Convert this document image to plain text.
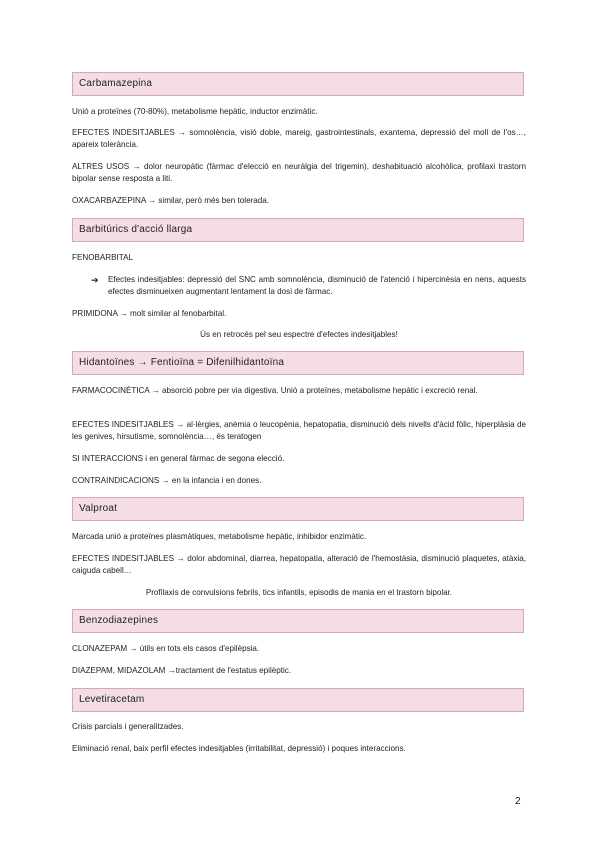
Carbamazepina
Unió a proteïnes (70-80%), metabolisme hepàtic, inductor enzimàtic.
EFECTES INDESITJABLES → somnolència, visió doble, mareig, gastrointestinals, exantema, depressió del moll de l'os…, apareix tolerància.
ALTRES USOS → dolor neuropàtic (fàrmac d'elecció en neuràlgia del trigemin), deshabituació alcohòlica, profilaxi trastorn bipolar sense resposta a liti.
OXACARBAZEPINA → similar, però més ben tolerada.
Barbitúrics d'acció llarga
FENOBARBITAL
➔ Efectes indesitjables: depressió del SNC amb somnolència, disminució de l'atenció i hipercinèsia en nens, aquests efectes disminueixen augmentant lentament la dosi de fàrmac.
PRIMIDONA → molt similar al fenobarbital.
Ús en retrocés pel seu espectre d'efectes indesitjables!
Hidantoïnes → Fentioïna = Difenilhidantoïna
FARMACOCINÈTICA → absorció pobre per via digestiva. Unió a proteïnes, metabolisme hepàtic i excreció renal.
EFECTES INDESITJABLES → al·lèrgies, anèmia o leucopènia, hepatopatia, disminució dels nivells d'àcid fòlic, hiperplàsia de les genives, hirsutisme, somnolència…, és teratogen
SI INTERACCIONS i en general fàrmac de segona elecció.
CONTRAINDICACIONS → en la infancia i en dones.
Valproat
Marcada unió a proteïnes plasmàtiques, metabolisme hepàtic, inhibidor enzimàtic.
EFECTES INDESITJABLES → dolor abdominal, diarrea, hepatopatia, alteració de l'hemostàsia, disminució plaquetes, atàxia, caiguda cabell…
Profilaxis de convulsions febrils, tics infantils, episodis de mania en el trastorn bipolar.
Benzodiazepines
CLONAZEPAM → útils en tots els casos d'epilèpsia.
DIAZEPAM, MIDAZOLAM →tractament de l'estatus epilèptic.
Levetiracetam
Crisis parcials i generalitzades.
Eliminació renal, baix perfil efectes indesitjables (irritabilitat, depressió) i poques interaccions.
2
